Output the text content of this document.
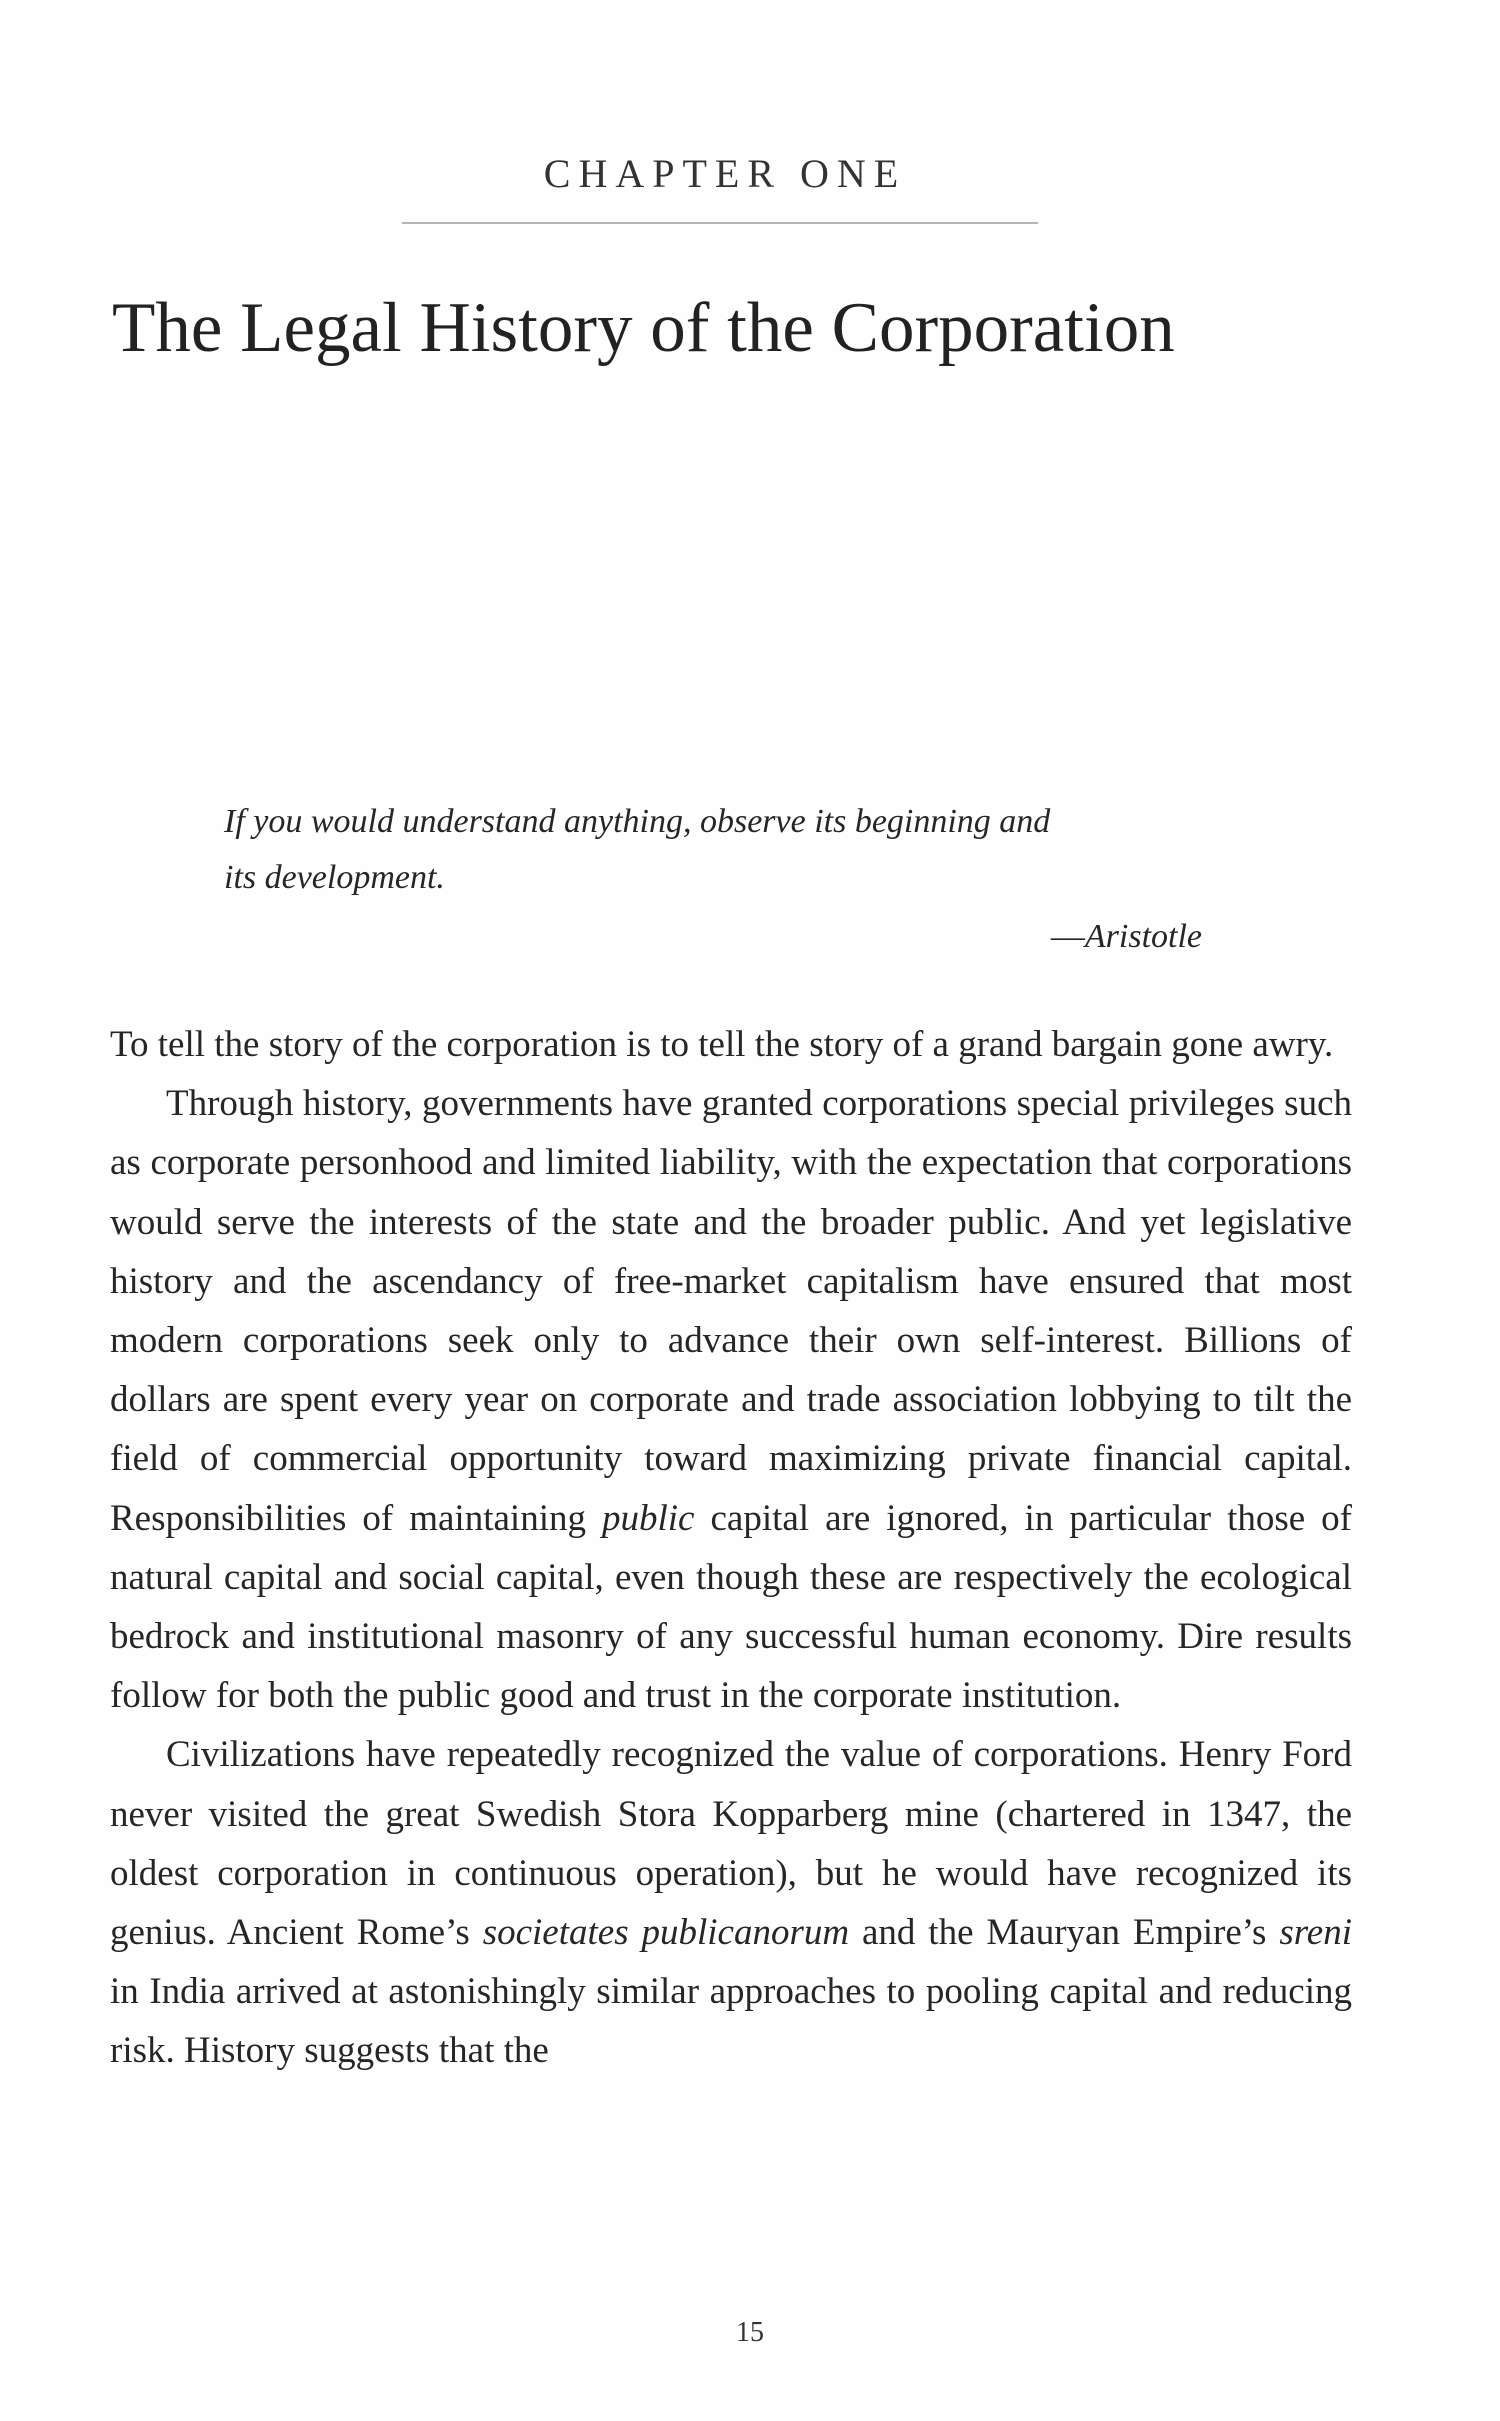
CHAPTER ONE
The Legal History of the Corporation

If you would understand anything, observe its beginning and

its development.

—Aristotle

To tell the story of the corporation is to tell the story of a grand bargain gone awry.

Through history, governments have granted corporations special privileges such as corporate personhood and limited liability, with the expectation that corporations would serve the interests of the state and the broader public. And yet legislative history and the ascendancy of free-market capitalism have ensured that most modern corporations seek only to advance their own self-interest. Billions of dollars are spent every year on corporate and trade association lobbying to tilt the field of commercial opportunity toward maximizing private financial capital. Responsibilities of maintaining public capital are ignored, in particular those of natural capital and social capital, even though these are respectively the ecological bedrock and institutional masonry of any successful human economy. Dire results follow for both the public good and trust in the corporate institution.

Civilizations have repeatedly recognized the value of corporations. Henry Ford never visited the great Swedish Stora Kopparberg mine (chartered in 1347, the oldest corporation in continuous operation), but he would have recognized its genius. Ancient Rome’s societates publicanorum and the Mauryan Empire’s sreni in India arrived at astonishingly similar approaches to pooling capital and reducing risk. History suggests that the

15
